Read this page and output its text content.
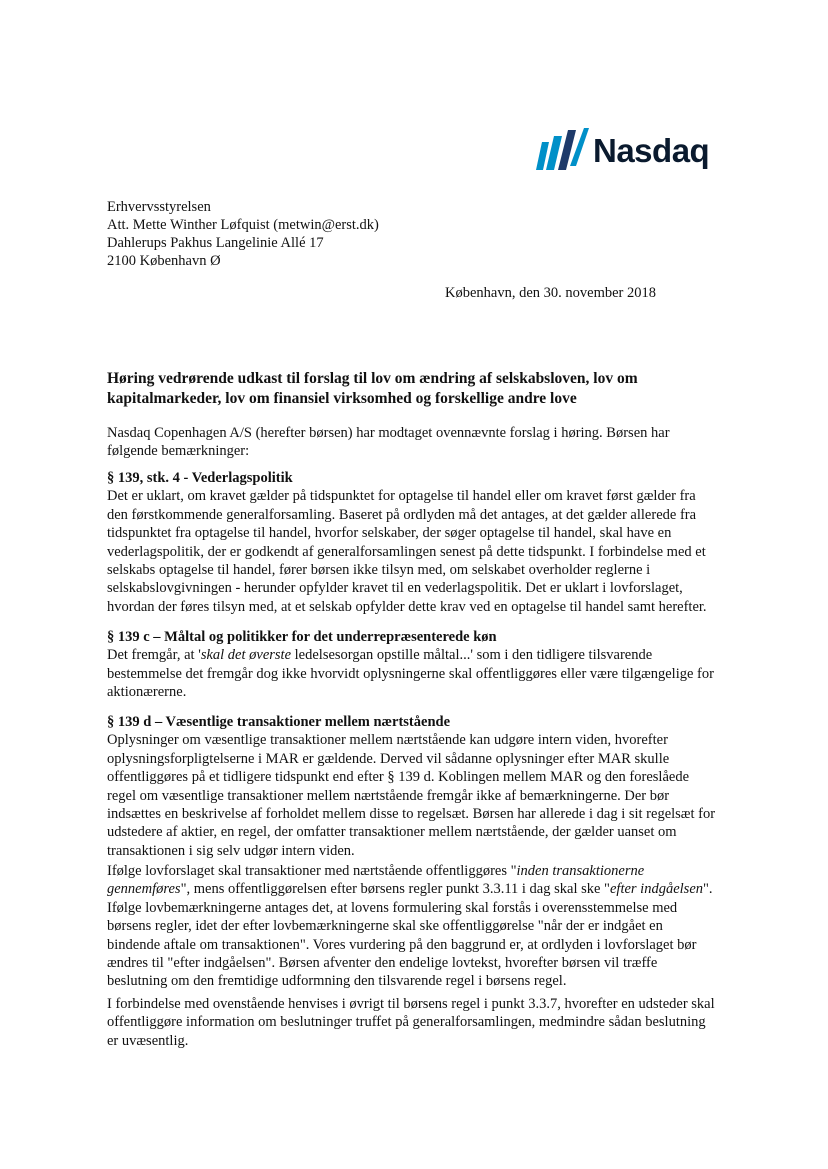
Nasdaq
Erhvervsstyrelsen
Att. Mette Winther Løfquist (metwin@erst.dk)
Dahlerups Pakhus Langelinie Allé 17
2100 København Ø
København, den 30. november 2018
Høring vedrørende udkast til forslag til lov om ændring af selskabsloven, lov om
kapitalmarkeder, lov om finansiel virksomhed og forskellige andre love
Nasdaq Copenhagen A/S (herefter børsen) har modtaget ovennævnte forslag i høring. Børsen har
følgende bemærkninger:
§ 139, stk. 4 - Vederlagspolitik
Det er uklart, om kravet gælder på tidspunktet for optagelse til handel eller om kravet først gælder fra
den førstkommende generalforsamling. Baseret på ordlyden må det antages, at det gælder allerede fra
tidspunktet fra optagelse til handel, hvorfor selskaber, der søger optagelse til handel, skal have en
vederlagspolitik, der er godkendt af generalforsamlingen senest på dette tidspunkt. I forbindelse med et
selskabs optagelse til handel, fører børsen ikke tilsyn med, om selskabet overholder reglerne i
selskabslovgivningen - herunder opfylder kravet til en vederlagspolitik. Det er uklart i lovforslaget,
hvordan der føres tilsyn med, at et selskab opfylder dette krav ved en optagelse til handel samt herefter.
§ 139 c – Måltal og politikker for det underrepræsenterede køn
Det fremgår, at 'skal det øverste ledelsesorgan opstille måltal...' som i den tidligere tilsvarende
bestemmelse det fremgår dog ikke hvorvidt oplysningerne skal offentliggøres eller være tilgængelige for
aktionærerne.
§ 139 d – Væsentlige transaktioner mellem nærtstående
Oplysninger om væsentlige transaktioner mellem nærtstående kan udgøre intern viden, hvorefter
oplysningsforpligtelserne i MAR er gældende. Derved vil sådanne oplysninger efter MAR skulle
offentliggøres på et tidligere tidspunkt end efter § 139 d. Koblingen mellem MAR og den foreslåede
regel om væsentlige transaktioner mellem nærtstående fremgår ikke af bemærkningerne. Der bør
indsættes en beskrivelse af forholdet mellem disse to regelsæt. Børsen har allerede i dag i sit regelsæt for
udstedere af aktier, en regel, der omfatter transaktioner mellem nærtstående, der gælder uanset om
transaktionen i sig selv udgør intern viden.
Ifølge lovforslaget skal transaktioner med nærtstående offentliggøres "inden transaktionerne
gennemføres", mens offentliggørelsen efter børsens regler punkt 3.3.11 i dag skal ske "efter indgåelsen".
Ifølge lovbemærkningerne antages det, at lovens formulering skal forstås i overensstemmelse med
børsens regler, idet der efter lovbemærkningerne skal ske offentliggørelse "når der er indgået en
bindende aftale om transaktionen". Vores vurdering på den baggrund er, at ordlyden i lovforslaget bør
ændres til "efter indgåelsen". Børsen afventer den endelige lovtekst, hvorefter børsen vil træffe
beslutning om den fremtidige udformning den tilsvarende regel i børsens regel.
I forbindelse med ovenstående henvises i øvrigt til børsens regel i punkt 3.3.7, hvorefter en udsteder skal
offentliggøre information om beslutninger truffet på generalforsamlingen, medmindre sådan beslutning
er uvæsentlig.
